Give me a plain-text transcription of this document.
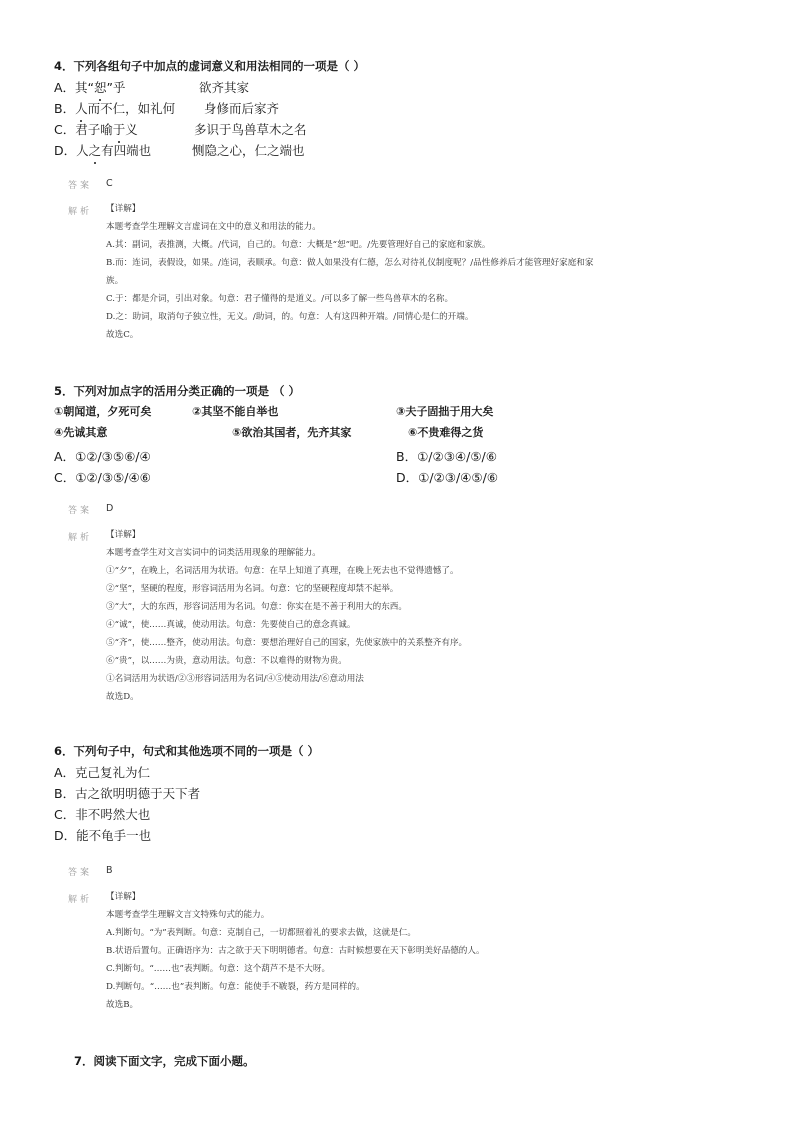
4．下列各组句子中加点的虚词意义和用法相同的一项是（ ）
A．其“恕”乎	欲齐其家
B．人而不仁，如礼何 身修而后家齐
C．君子喻于义	多识于鸟兽草木之名
D．人之有四端也	恻隐之心，仁之端也
答案 C
解析 【详解】
本题考查学生理解文言虚词在文中的意义和用法的能力。
A.其：副词，表推测，大概。/代词，自己的。句意：大概是“恕”吧。/先要管理好自己的家庭和家族。
B.而：连词，表假设，如果。/连词，表顺承。句意：做人如果没有仁德，怎么对待礼仪制度呢？/品性修养后才能管理好家庭和家
族。
C.于：都是介词，引出对象。句意：君子懂得的是道义。/可以多了解一些鸟兽草木的名称。
D.之：助词，取消句子独立性，无义。/助词，的。句意：人有这四种开端。/同情心是仁的开端。
故选C。
5．下列对加点字的活用分类正确的一项是 （ ）
①朝闻道，夕死可矣	②其坚不能自举也	③夫子固拙于用大矣
④先诚其意	⑤欲治其国者，先齐其家	⑥不贵难得之货
A．①②/③⑤⑥/④	B．①/②③④/⑤/⑥
C．①②/③⑤/④⑥	D．①/②③/④⑤/⑥
答案 D
解析 【详解】
本题考查学生对文言实词中的词类活用现象的理解能力。
①“夕”，在晚上，名词活用为状语。句意：在早上知道了真理，在晚上死去也不觉得遗憾了。
②“坚”，坚硬的程度，形容词活用为名词。句意：它的坚硬程度却禁不起举。
③“大”，大的东西，形容词活用为名词。句意：你实在是不善于利用大的东西。
④“诚”，使……真诚，使动用法。句意：先要使自己的意念真诚。
⑤“齐”，使……整齐，使动用法。句意：要想治理好自己的国家，先使家族中的关系整齐有序。
⑥“贵”，以……为贵，意动用法。句意：不以难得的财物为贵。
①名词活用为状语/②③形容词活用为名词/④⑤使动用法/⑥意动用法
故选D。
6．下列句子中，句式和其他选项不同的一项是（ ）
A．克己复礼为仁
B．古之欲明明德于天下者
C．非不呺然大也
D．能不龟手一也
答案 B
解析 【详解】
本题考查学生理解文言文特殊句式的能力。
A.判断句。“为”表判断。句意：克制自己，一切都照着礼的要求去做，这就是仁。
B.状语后置句。正确语序为：古之欲于天下明明德者。句意：古时候想要在天下彰明美好品德的人。
C.判断句。“……也”表判断。句意：这个葫芦不是不大呀。
D.判断句。“……也”表判断。句意：能使手不皲裂，药方是同样的。
故选B。
7．阅读下面文字，完成下面小题。
